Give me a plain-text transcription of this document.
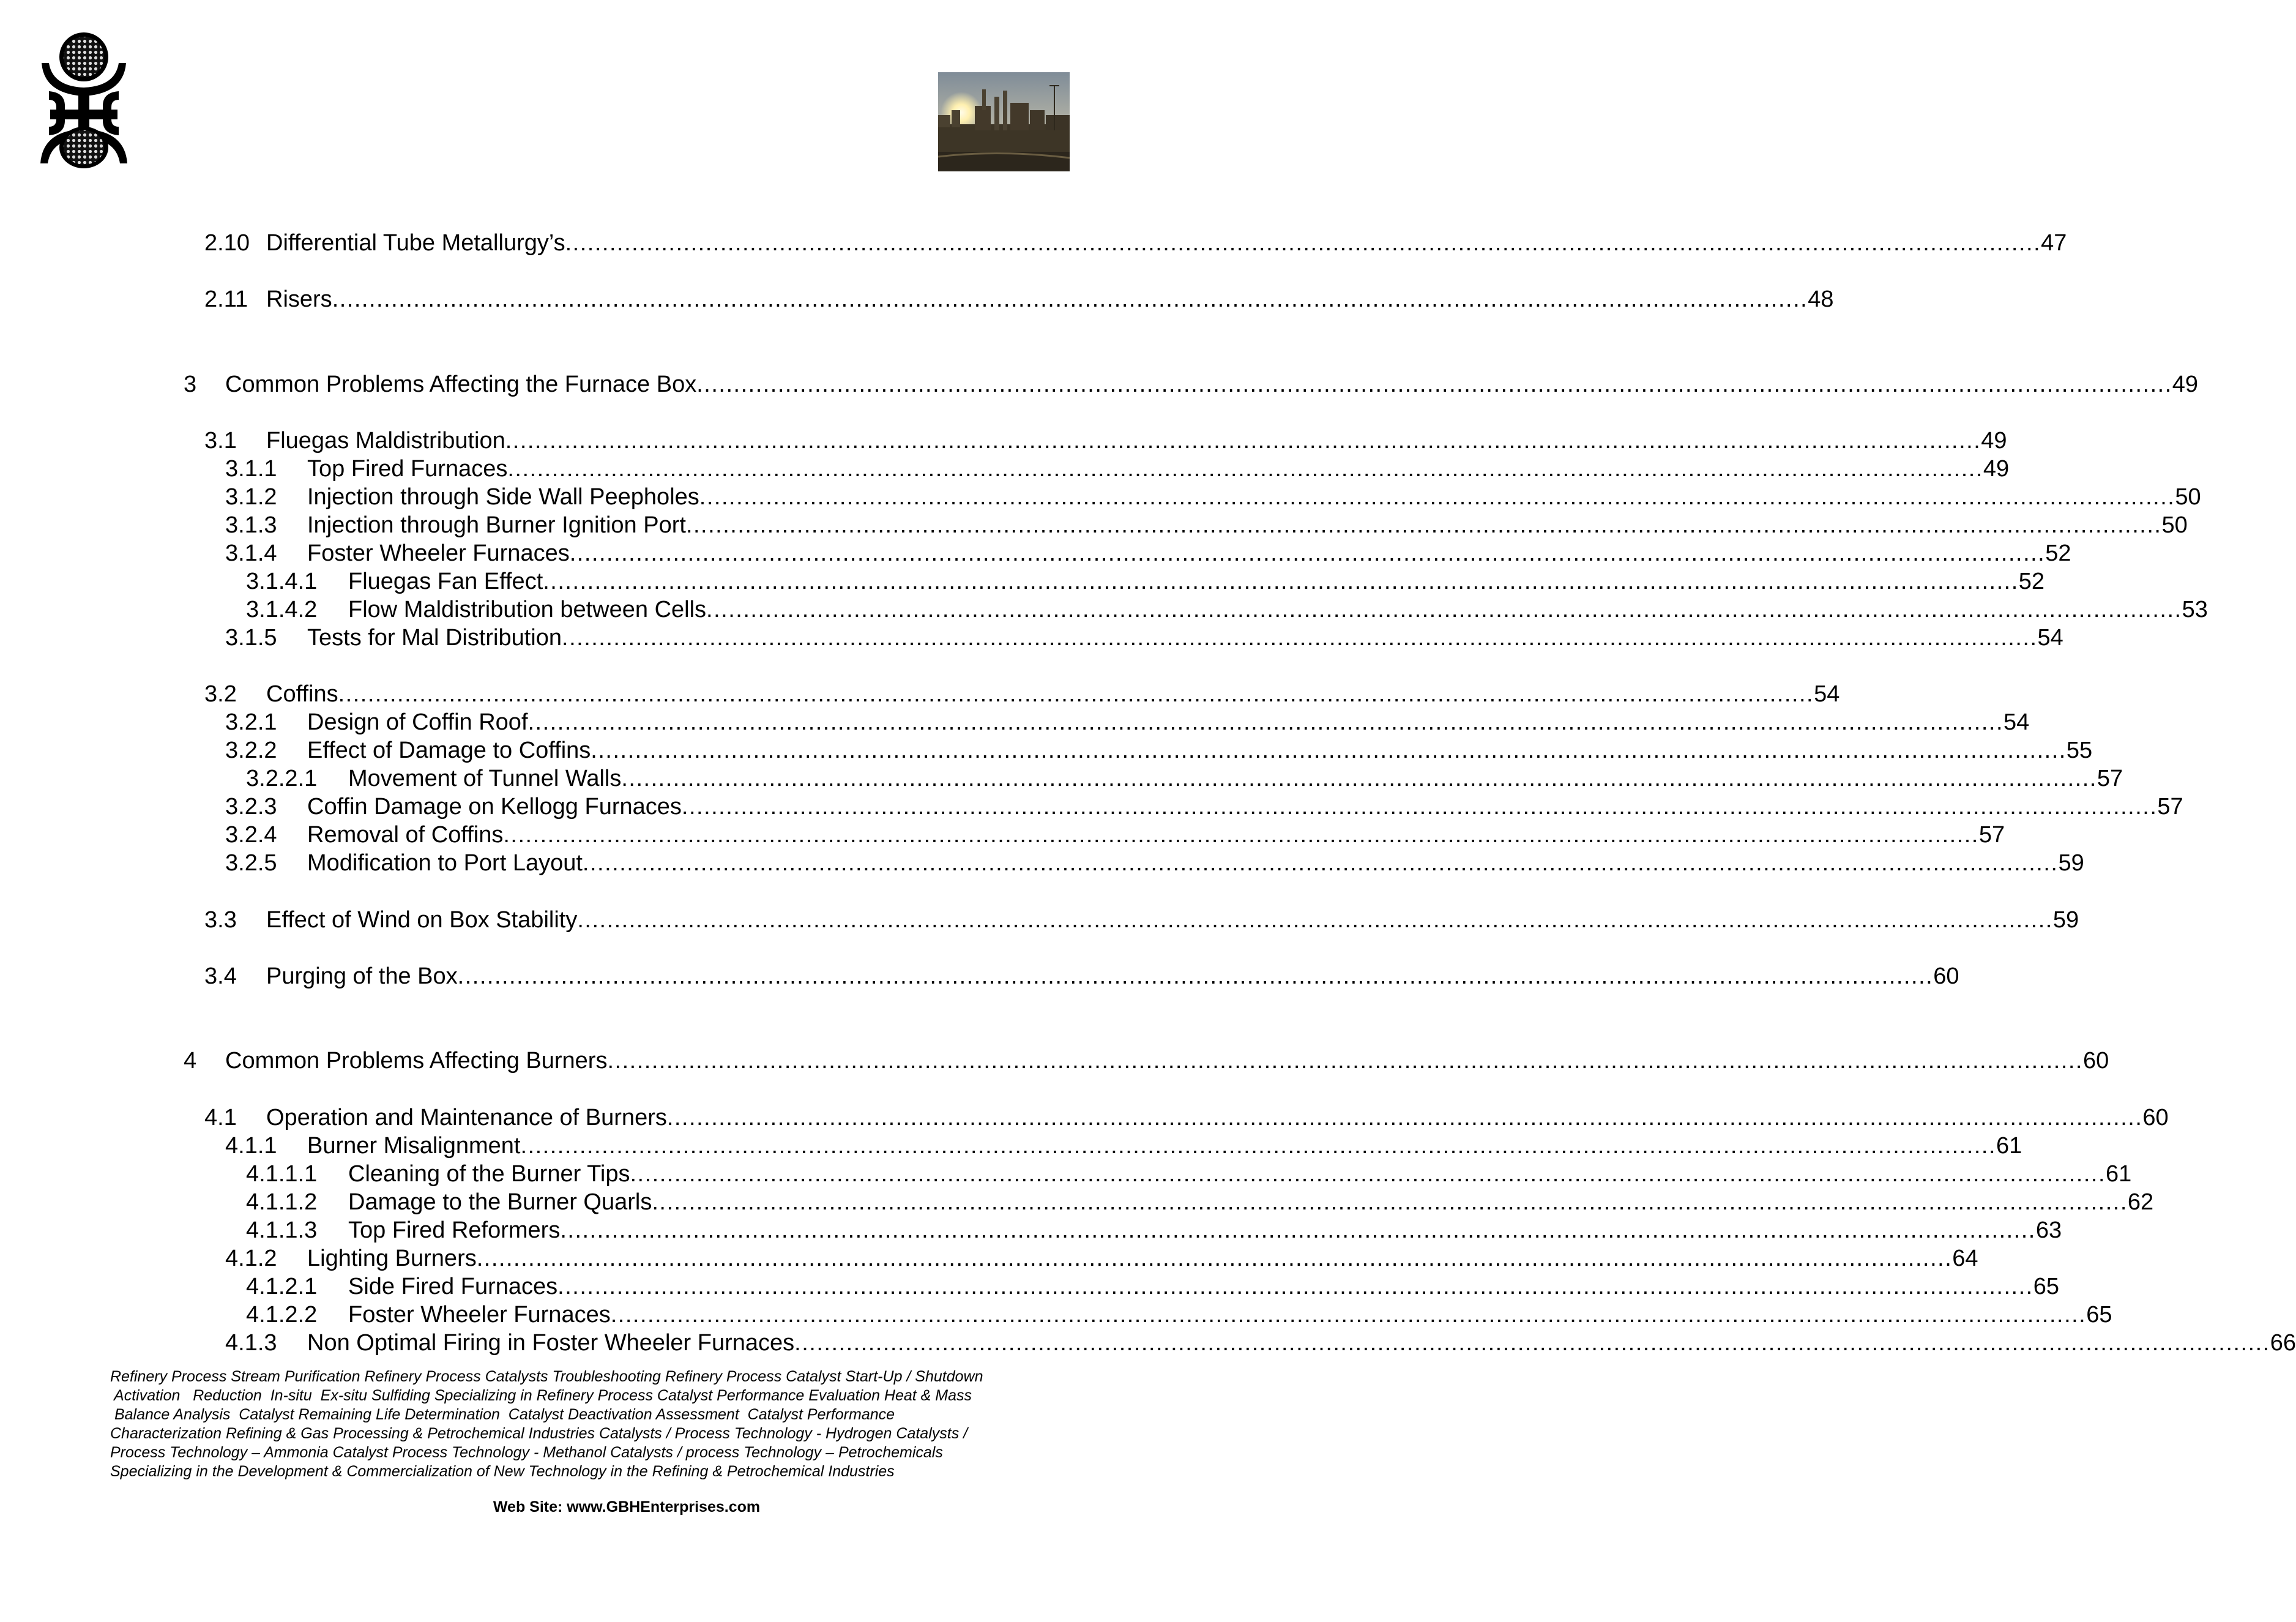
2.10 Differential Tube Metallurgy’s ........................................................................................................................................................................................................ 47
2.11 Risers ........................................................................................................................................................................................................ 48
3 Common Problems Affecting the Furnace Box ........................................................................................................................................................................................................ 49
3.1 Fluegas Maldistribution ........................................................................................................................................................................................................ 49
3.1.1 Top Fired Furnaces ........................................................................................................................................................................................................ 49
3.1.2 Injection through Side Wall Peepholes ........................................................................................................................................................................................................ 50
3.1.3 Injection through Burner Ignition Port ........................................................................................................................................................................................................ 50
3.1.4 Foster Wheeler Furnaces ........................................................................................................................................................................................................ 52
3.1.4.1 Fluegas Fan Effect ........................................................................................................................................................................................................ 52
3.1.4.2 Flow Maldistribution between Cells ........................................................................................................................................................................................................ 53
3.1.5 Tests for Mal Distribution ........................................................................................................................................................................................................ 54
3.2 Coffins ........................................................................................................................................................................................................ 54
3.2.1 Design of Coffin Roof ........................................................................................................................................................................................................ 54
3.2.2 Effect of Damage to Coffins ........................................................................................................................................................................................................ 55
3.2.2.1 Movement of Tunnel Walls ........................................................................................................................................................................................................ 57
3.2.3 Coffin Damage on Kellogg Furnaces ........................................................................................................................................................................................................ 57
3.2.4 Removal of Coffins ........................................................................................................................................................................................................ 57
3.2.5 Modification to Port Layout ........................................................................................................................................................................................................ 59
3.3 Effect of Wind on Box Stability ........................................................................................................................................................................................................ 59
3.4 Purging of the Box ........................................................................................................................................................................................................ 60
4 Common Problems Affecting Burners ........................................................................................................................................................................................................ 60
4.1 Operation and Maintenance of Burners ........................................................................................................................................................................................................ 60
4.1.1 Burner Misalignment ........................................................................................................................................................................................................ 61
4.1.1.1 Cleaning of the Burner Tips ........................................................................................................................................................................................................ 61
4.1.1.2 Damage to the Burner Quarls ........................................................................................................................................................................................................ 62
4.1.1.3 Top Fired Reformers ........................................................................................................................................................................................................ 63
4.1.2 Lighting Burners ........................................................................................................................................................................................................ 64
4.1.2.1 Side Fired Furnaces ........................................................................................................................................................................................................ 65
4.1.2.2 Foster Wheeler Furnaces ........................................................................................................................................................................................................ 65
4.1.3 Non Optimal Firing in Foster Wheeler Furnaces ........................................................................................................................................................................................................ 66
Refinery Process Stream Purification Refinery Process Catalysts Troubleshooting Refinery Process Catalyst Start-Up / Shutdown
Activation   Reduction  In-situ  Ex-situ Sulfiding Specializing in Refinery Process Catalyst Performance Evaluation Heat & Mass
Balance Analysis  Catalyst Remaining Life Determination  Catalyst Deactivation Assessment  Catalyst Performance
Characterization Refining & Gas Processing & Petrochemical Industries Catalysts / Process Technology - Hydrogen Catalysts /
Process Technology – Ammonia Catalyst Process Technology - Methanol Catalysts / process Technology – Petrochemicals
Specializing in the Development & Commercialization of New Technology in the Refining & Petrochemical Industries
Web Site: www.GBHEnterprises.com
